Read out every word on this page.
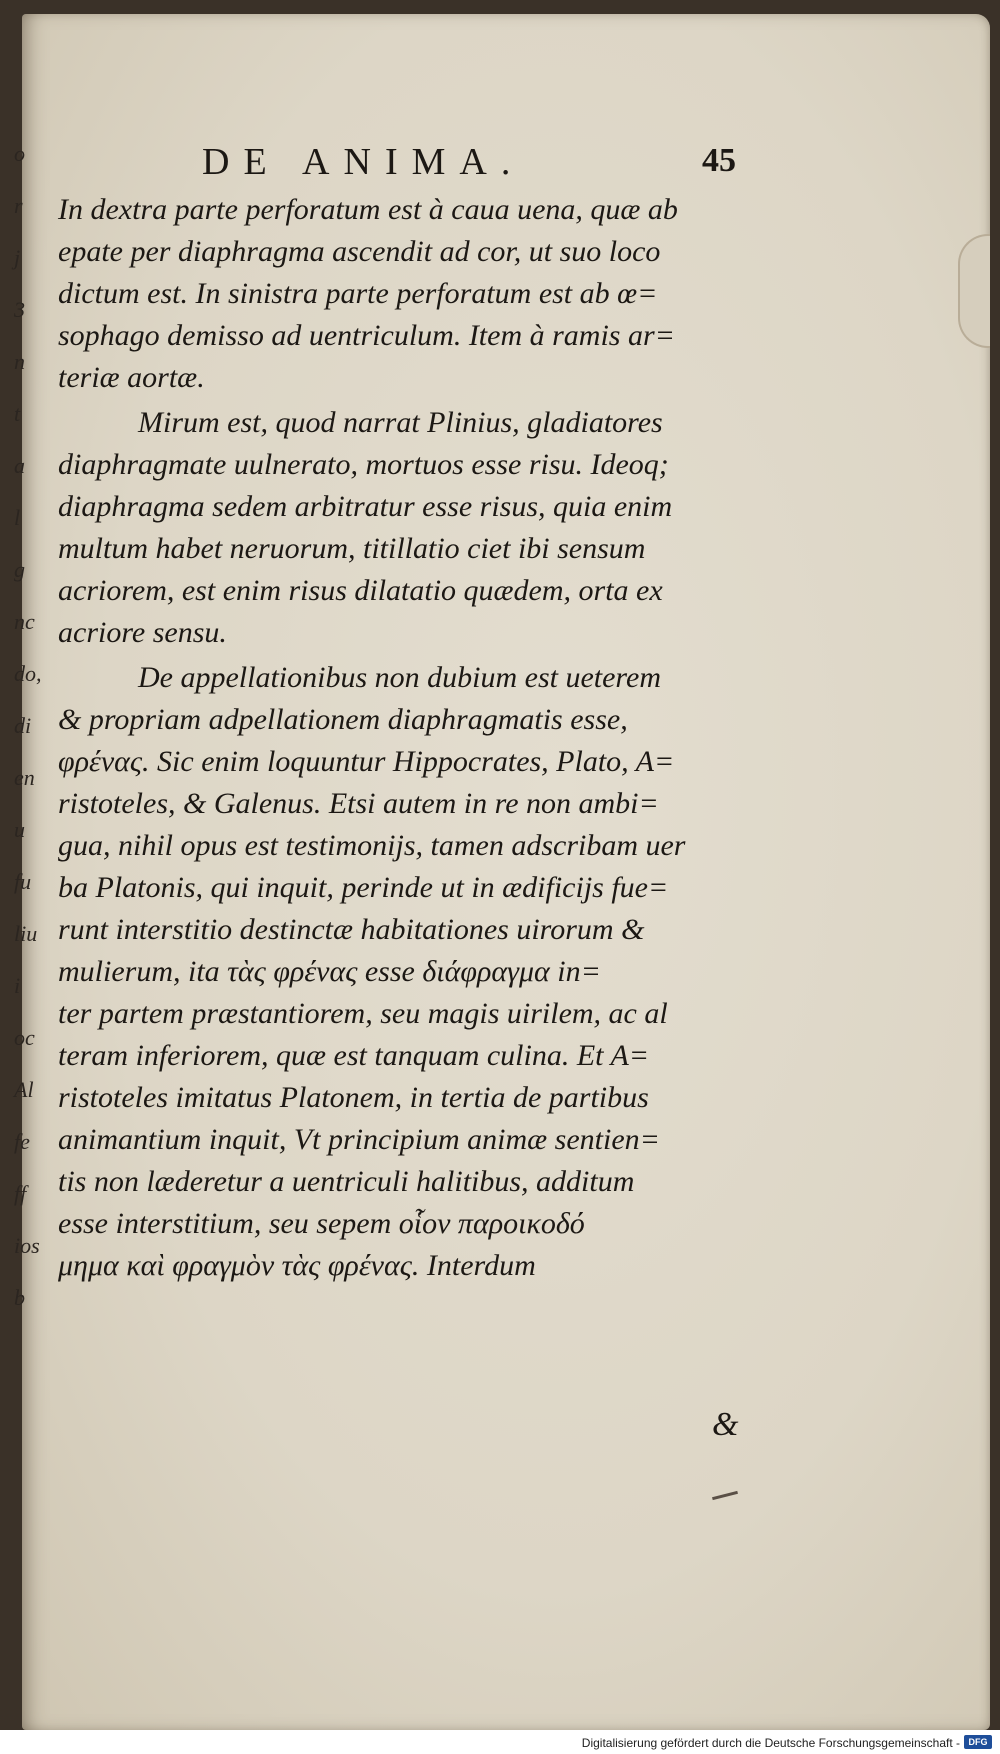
o
r
j
3
n
t
a
l
g
nc
do,
di
en
u
fu
liu
i
oc
Al
fe
ff
ios
b
DE ANIMA.	45
In dextra parte perforatum est à caua uena, quæ ab
epate per diaphragma ascendit ad cor, ut suo loco
dictum est. In sinistra parte perforatum est ab œ=
sophago demisso ad uentriculum. Item à ramis ar=
teriæ aortæ.
Mirum est, quod narrat Plinius, gladiatores
diaphragmate uulnerato, mortuos esse risu. Ideoq;
diaphragma sedem arbitratur esse risus, quia enim
multum habet neruorum, titillatio ciet ibi sensum
acriorem, est enim risus dilatatio quædem, orta ex
acriore sensu.
De appellationibus non dubium est ueterem
& propriam adpellationem diaphragmatis esse,
φρένας. Sic enim loquuntur Hippocrates, Plato, A=
ristoteles, & Galenus. Etsi autem in re non ambi=
gua, nihil opus est testimonijs, tamen adscribam uer
ba Platonis, qui inquit, perinde ut in ædificijs fue=
runt interstitio destinctæ habitationes uirorum &
mulierum, ita τὰς φρένας esse διάφραγμα in=
ter partem præstantiorem, seu magis uirilem, ac al
teram inferiorem, quæ est tanquam culina. Et A=
ristoteles imitatus Platonem, in tertia de partibus
animantium inquit, Vt principium animæ sentien=
tis non læderetur a uentriculi halitibus, additum
esse interstitium, seu sepem οἷον παροικοδό
μημα καὶ φραγμὸν τὰς φρένας. Interdum
&
Digitalisierung gefördert durch die Deutsche Forschungsgemeinschaft - DFG
